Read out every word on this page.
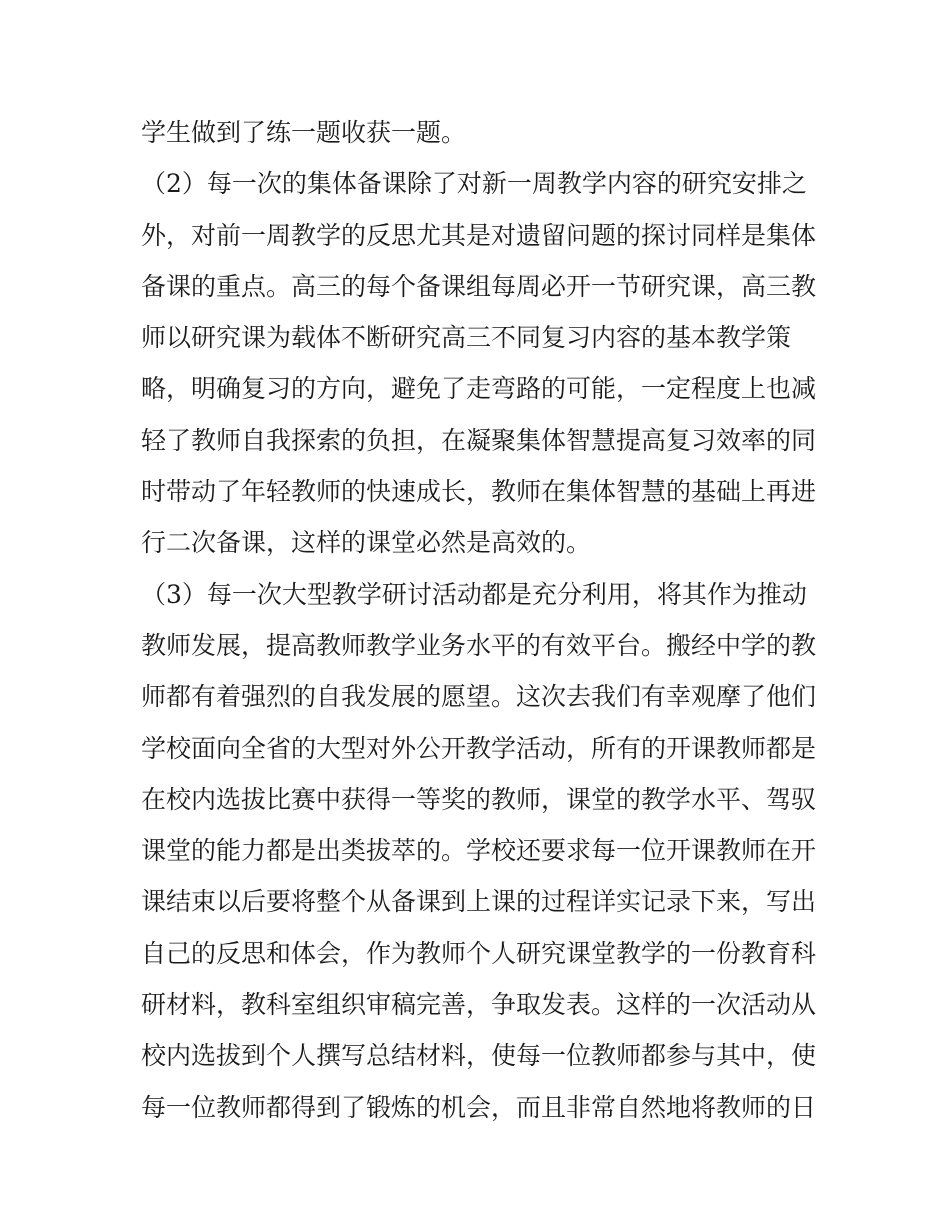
学生做到了练一题收获一题。
（2）每一次的集体备课除了对新一周教学内容的研究安排之
外，对前一周教学的反思尤其是对遗留问题的探讨同样是集体
备课的重点。高三的每个备课组每周必开一节研究课，高三教
师以研究课为载体不断研究高三不同复习内容的基本教学策
略，明确复习的方向，避免了走弯路的可能，一定程度上也减
轻了教师自我探索的负担，在凝聚集体智慧提高复习效率的同
时带动了年轻教师的快速成长，教师在集体智慧的基础上再进
行二次备课，这样的课堂必然是高效的。
（3）每一次大型教学研讨活动都是充分利用，将其作为推动
教师发展，提高教师教学业务水平的有效平台。搬经中学的教
师都有着强烈的自我发展的愿望。这次去我们有幸观摩了他们
学校面向全省的大型对外公开教学活动，所有的开课教师都是
在校内选拔比赛中获得一等奖的教师，课堂的教学水平、驾驭
课堂的能力都是出类拔萃的。学校还要求每一位开课教师在开
课结束以后要将整个从备课到上课的过程详实记录下来，写出
自己的反思和体会，作为教师个人研究课堂教学的一份教育科
研材料，教科室组织审稿完善，争取发表。这样的一次活动从
校内选拔到个人撰写总结材料，使每一位教师都参与其中，使
每一位教师都得到了锻炼的机会，而且非常自然地将教师的日
